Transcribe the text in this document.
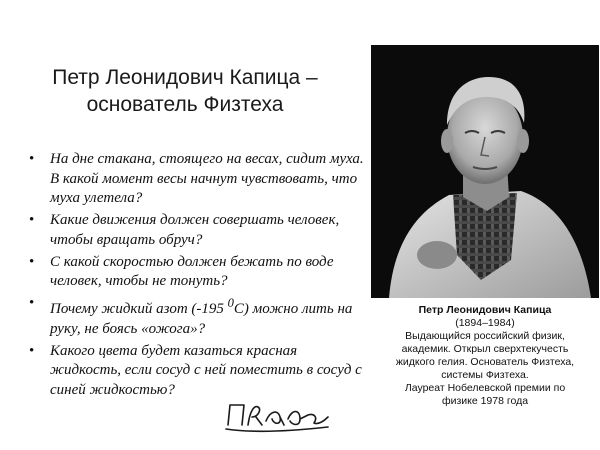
Петр Леонидович Капица –
основатель Физтеха
• На дне стакана, стоящего на весах, сидит муха. В какой момент весы начнут чувствовать, что муха улетела?
• Какие движения должен совершать человек, чтобы вращать обруч?
• С какой скоростью должен бежать по воде человек, чтобы не тонуть?
• Почему жидкий азот (-195 $^0$С) можно лить на руку, не боясь «ожога»?
• Какого цвета будет казаться красная жидкость, если сосуд с ней поместить в сосуд с синей жидкостью?
Петр Леонидович Капица
(1894–1984)
Выдающийся российский физик,
академик. Открыл сверхтекучесть
жидкого гелия. Основатель Физтеха,
системы Физтеха.
Лауреат Нобелевской премии по
физике 1978 года
